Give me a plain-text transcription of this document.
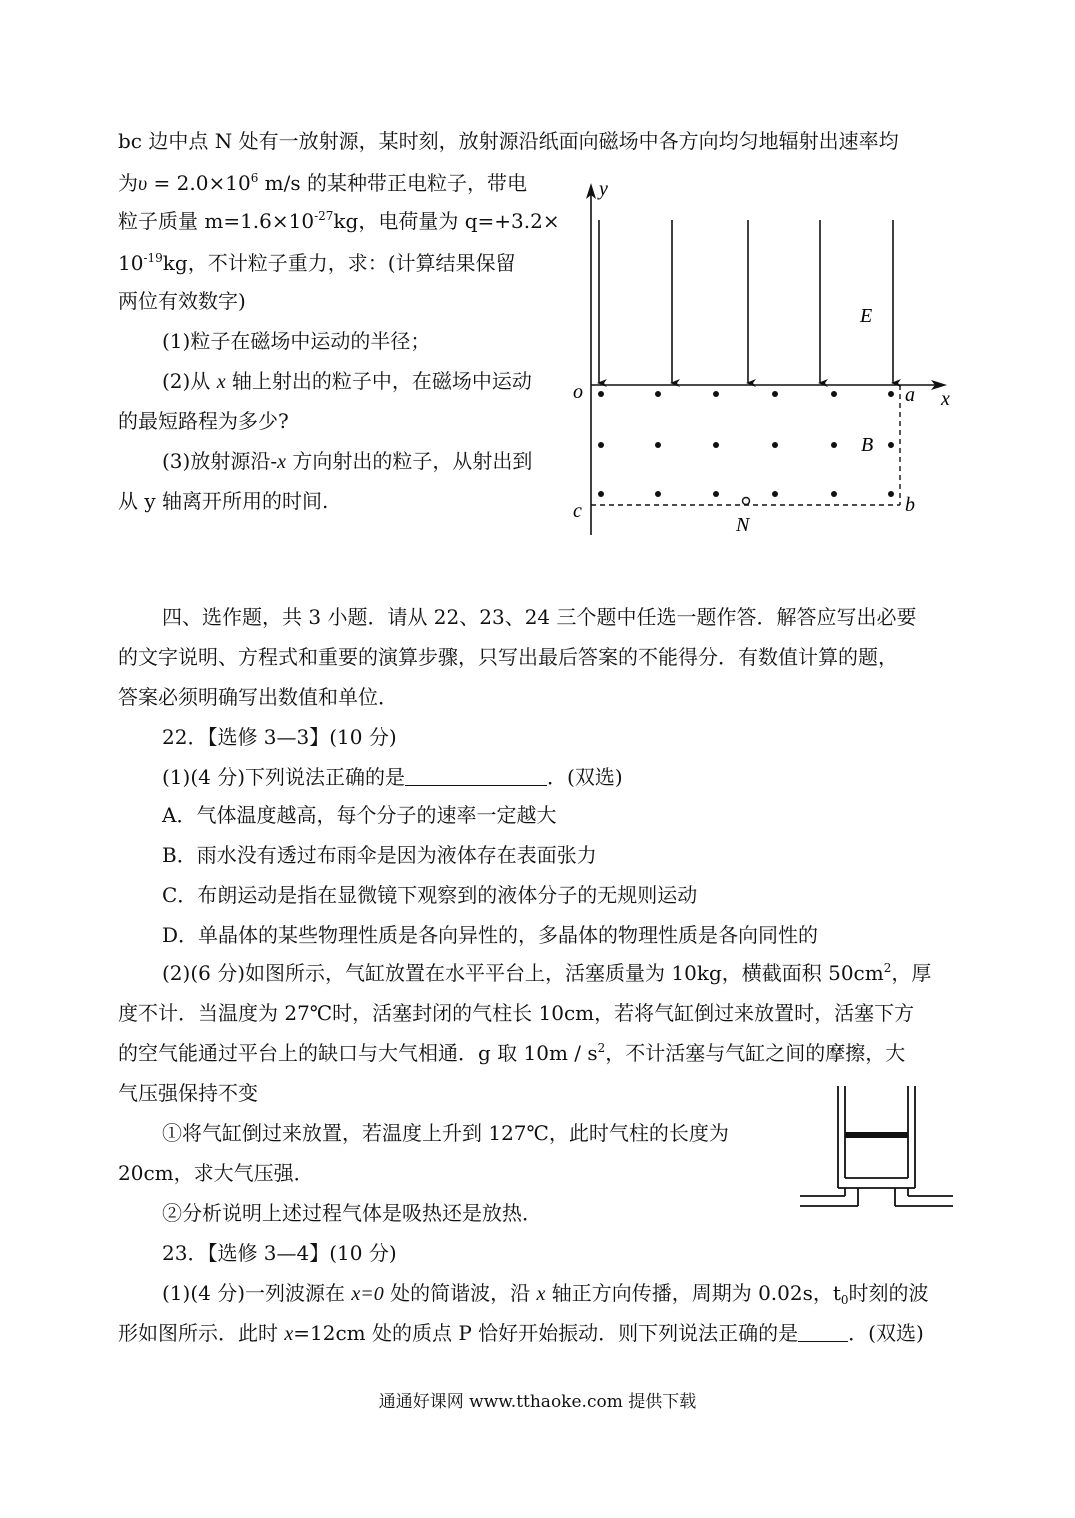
bc 边中点 N 处有一放射源，某时刻，放射源沿纸面向磁场中各方向均匀地辐射出速率均
为$\upsilon = 2.0\times 10^6$ m/s 的某种带正电粒子，带电
粒子质量 $m=1.6\times 10^{-27}kg$，电荷量为 q=+3.2×
$10^{-19}kg$，不计粒子重力，求：(计算结果保留
两位有效数字)
(1)粒子在磁场中运动的半径；
(2)从 x 轴上射出的粒子中，在磁场中运动
的最短路程为多少?
(3)放射源沿-x 方向射出的粒子，从射出到
从 y 轴离开所用的时间.
y
x
o
E
a
B
b
c
N
四、选作题，共 3 小题．请从 22、23、24 三个题中任选一题作答．解答应写出必要
的文字说明、方程式和重要的演算步骤，只写出最后答案的不能得分．有数值计算的题，
答案必须明确写出数值和单位．
22．【选修 3—3】(10 分)
(1)(4 分)下列说法正确的是	．(双选)
A．气体温度越高，每个分子的速率一定越大
B．雨水没有透过布雨伞是因为液体存在表面张力
C．布朗运动是指在显微镜下观察到的液体分子的无规则运动
D．单晶体的某些物理性质是各向异性的，多晶体的物理性质是各向同性的
(2)(6 分)如图所示，气缸放置在水平平台上，活塞质量为 10kg，横截面积 $50cm^2$，厚
度不计．当温度为 27℃时，活塞封闭的气柱长 10cm，若将气缸倒过来放置时，活塞下方
的空气能通过平台上的缺口与大气相通．g 取 $10m / s^2$，不计活塞与气缸之间的摩擦，大
气压强保持不变
①将气缸倒过来放置，若温度上升到 127℃，此时气柱的长度为
20cm，求大气压强．
②分析说明上述过程气体是吸热还是放热．
23．【选修 3—4】(10 分)
(1)(4 分)一列波源在 x=0 处的简谐波，沿 x 轴正方向传播，周期为 0.02s，$t_0$时刻的波
形如图所示．此时 x=12cm 处的质点 P 恰好开始振动．则下列说法正确的是	．(双选)
通通好课网 www.tthaoke.com 提供下载
